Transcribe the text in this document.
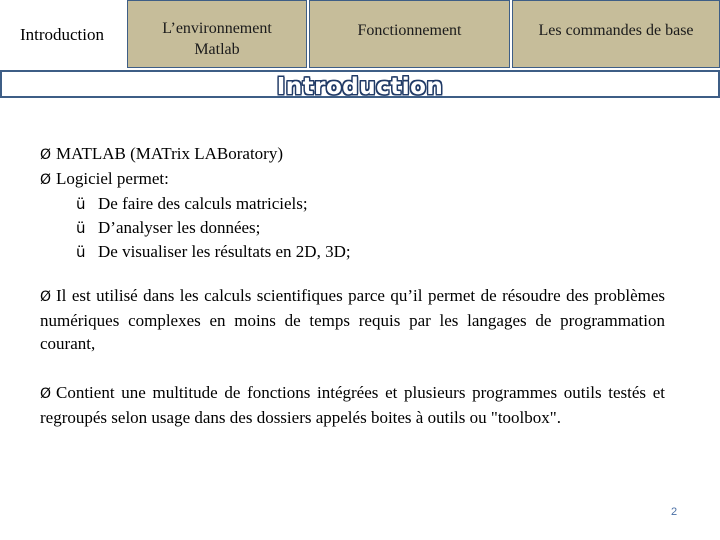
Introduction	L’environnement
Matlab
Fonctionnement	Les commandes de base
Introduction
Ø MATLAB (MATrix LABoratory)
Ø Logiciel permet:
ü De faire des calculs matriciels;
ü D’analyser les données;
ü De visualiser les résultats en 2D, 3D;
Ø Il est utilisé dans les calculs scientifiques parce qu’il permet de résoudre des problèmes numériques complexes en moins de temps requis par les langages de programmation courant,
Ø Contient une multitude de fonctions intégrées et plusieurs programmes outils testés et regroupés selon usage dans des dossiers appelés boites à outils ou "toolbox".
2
